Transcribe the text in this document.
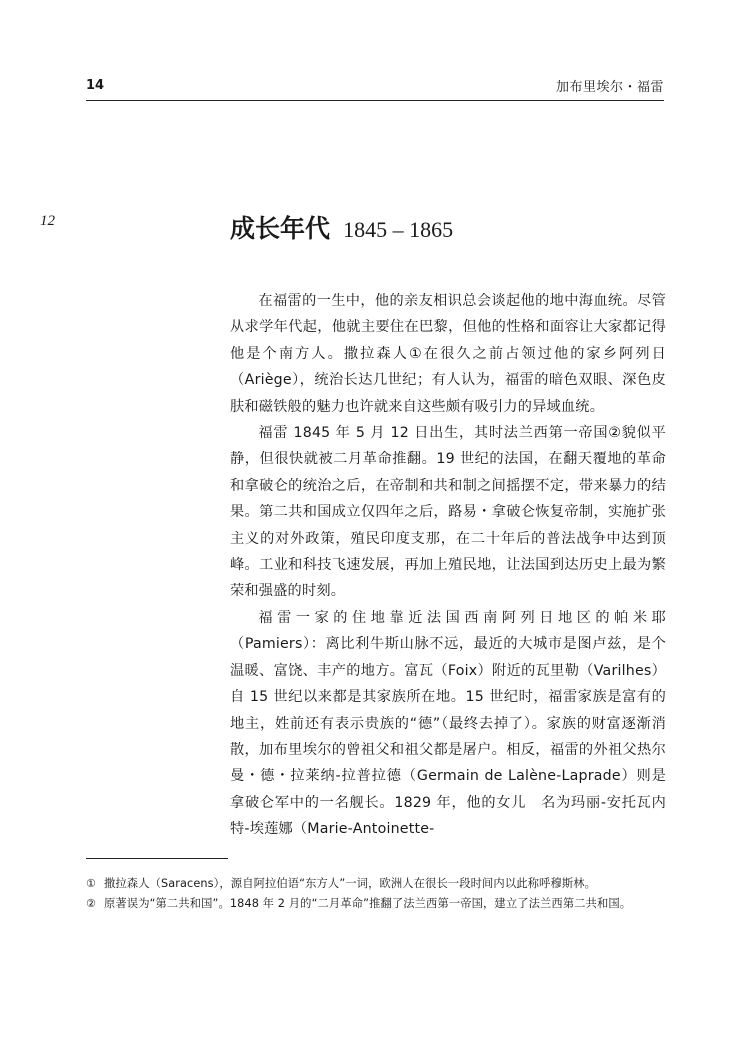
14	加布里埃尔・福雷
12	成长年代 1845 – 1865

在福雷的一生中，他的亲友相识总会谈起他的地中海血统。尽管从求学年代起，他就主要住在巴黎，但他的性格和面容让大家都记得他是个南方人。撒拉森人①在很久之前占领过他的家乡阿列日（Ariège），统治长达几世纪；有人认为，福雷的暗色双眼、深色皮肤和磁铁般的魅力也许就来自这些颇有吸引力的异域血统。

福雷 1845 年 5 月 12 日出生，其时法兰西第一帝国②貌似平静，但很快就被二月革命推翻。19 世纪的法国，在翻天覆地的革命和拿破仑的统治之后，在帝制和共和制之间摇摆不定，带来暴力的结果。第二共和国成立仅四年之后，路易・拿破仑恢复帝制，实施扩张主义的对外政策，殖民印度支那，在二十年后的普法战争中达到顶峰。工业和科技飞速发展，再加上殖民地，让法国到达历史上最为繁荣和强盛的时刻。

福雷一家的住地靠近法国西南阿列日地区的帕米耶（Pamiers）：离比利牛斯山脉不远，最近的大城市是图卢兹，是个温暖、富饶、丰产的地方。富瓦（Foix）附近的瓦里勒（Varilhes）自 15 世纪以来都是其家族所在地。15 世纪时，福雷家族是富有的地主，姓前还有表示贵族的“德”（最终去掉了）。家族的财富逐渐消散，加布里埃尔的曾祖父和祖父都是屠户。相反，福雷的外祖父热尔曼・德・拉莱纳-拉普拉德（Germain de Lalène-Laprade）则是拿破仑军中的一名舰长。1829 年，他的女儿　名为玛丽-安托瓦内特-埃莲娜（Marie-Antoinette-

① 撒拉森人（Saracens），源自阿拉伯语“东方人”一词，欧洲人在很长一段时间内以此称呼穆斯林。
② 原著误为“第二共和国”。1848 年 2 月的“二月革命”推翻了法兰西第一帝国，建立了法兰西第二共和国。
